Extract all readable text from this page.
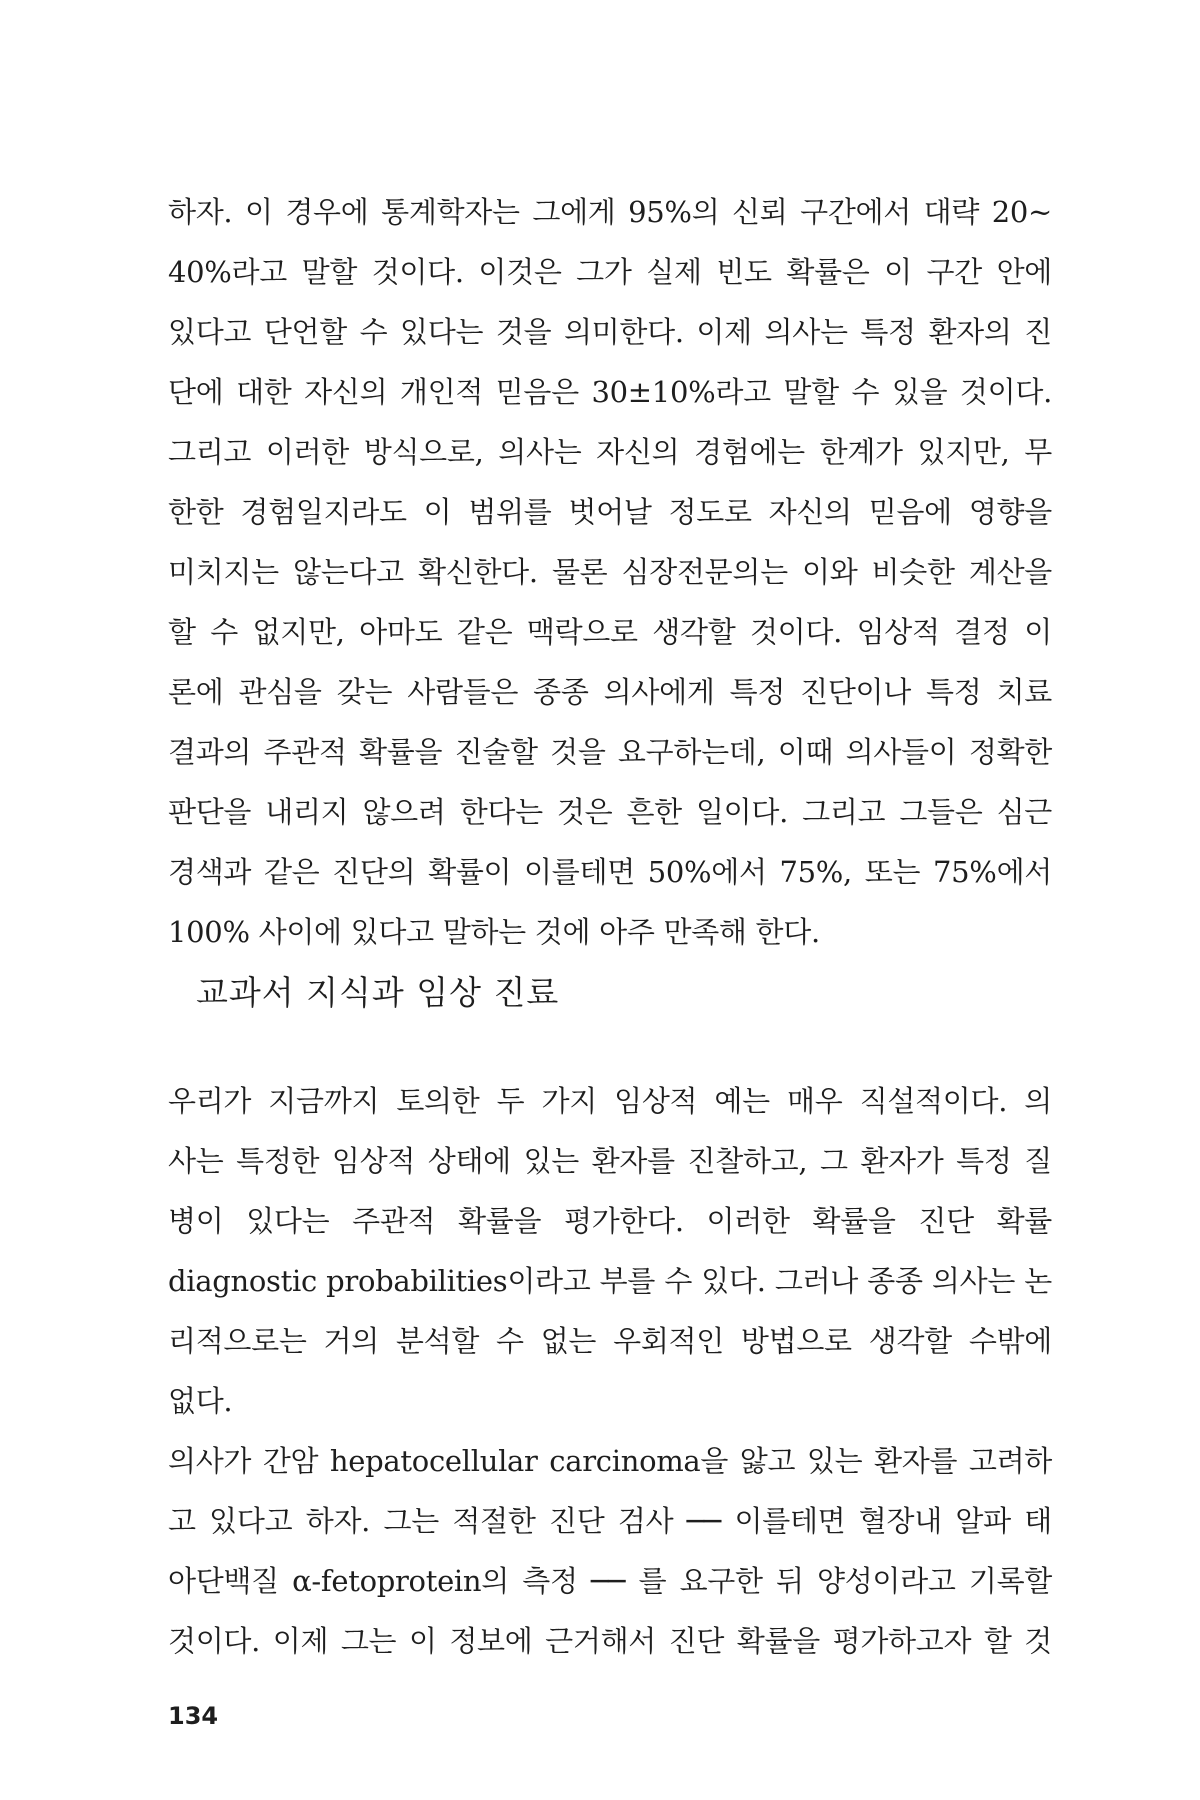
하자. 이 경우에 통계학자는 그에게 95%의 신뢰 구간에서 대략 20~
40%라고 말할 것이다. 이것은 그가 실제 빈도 확률은 이 구간 안에
있다고 단언할 수 있다는 것을 의미한다. 이제 의사는 특정 환자의 진
단에 대한 자신의 개인적 믿음은 30±10%라고 말할 수 있을 것이다.
그리고 이러한 방식으로, 의사는 자신의 경험에는 한계가 있지만, 무
한한 경험일지라도 이 범위를 벗어날 정도로 자신의 믿음에 영향을
미치지는 않는다고 확신한다. 물론 심장전문의는 이와 비슷한 계산을
할 수 없지만, 아마도 같은 맥락으로 생각할 것이다. 임상적 결정 이
론에 관심을 갖는 사람들은 종종 의사에게 특정 진단이나 특정 치료
결과의 주관적 확률을 진술할 것을 요구하는데, 이때 의사들이 정확한
판단을 내리지 않으려 한다는 것은 흔한 일이다. 그리고 그들은 심근
경색과 같은 진단의 확률이 이를테면 50%에서 75%, 또는 75%에서
100% 사이에 있다고 말하는 것에 아주 만족해 한다.
교과서 지식과 임상 진료
우리가 지금까지 토의한 두 가지 임상적 예는 매우 직설적이다. 의
사는 특정한 임상적 상태에 있는 환자를 진찰하고, 그 환자가 특정 질
병이 있다는 주관적 확률을 평가한다. 이러한 확률을 진단 확률
diagnostic probabilities이라고 부를 수 있다. 그러나 종종 의사는 논
리적으로는 거의 분석할 수 없는 우회적인 방법으로 생각할 수밖에
없다.
의사가 간암 hepatocellular carcinoma을 앓고 있는 환자를 고려하
고 있다고 하자. 그는 적절한 진단 검사 ── 이를테면 혈장내 알파 태
아단백질 α-fetoprotein의 측정 ── 를 요구한 뒤 양성이라고 기록할
것이다. 이제 그는 이 정보에 근거해서 진단 확률을 평가하고자 할 것
134
